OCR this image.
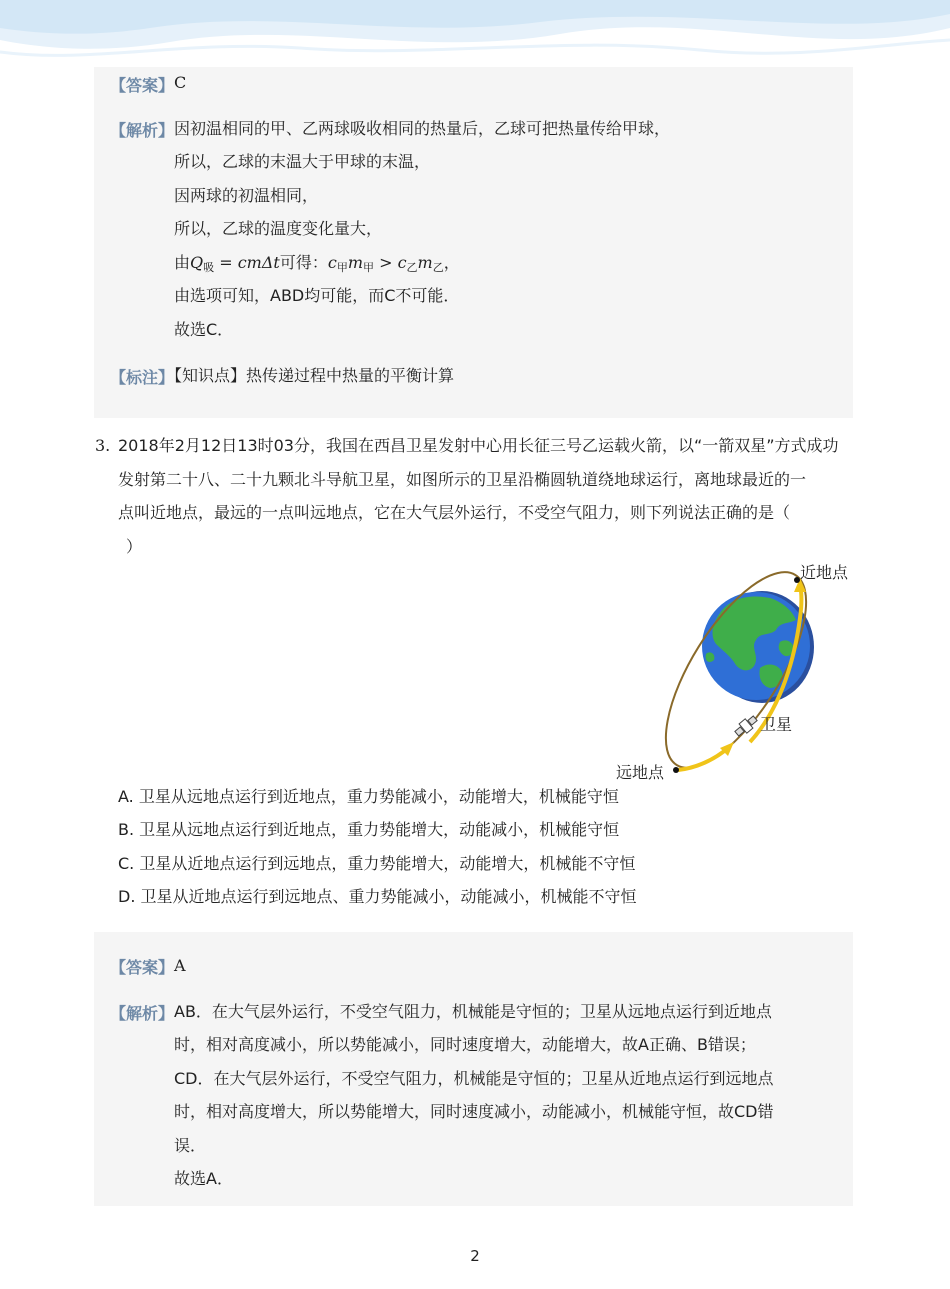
【答案】 C
【解析】 因初温相同的甲、乙两球吸收相同的热量后，乙球可把热量传给甲球，
所以，乙球的末温大于甲球的末温，
因两球的初温相同，
所以，乙球的温度变化量大，
由$Q_吸 = cm\Delta t$可得：$c_甲m_甲 > c_乙m_乙$，
由选项可知，ABD均可能，而C不可能．
故选C．
【标注】
【知识点】热传递过程中热量的平衡计算
3. 2018年2月12日13时03分，我国在西昌卫星发射中心用长征三号乙运载火箭，以“一箭双星”方式成功
发射第二十八、二十九颗北斗导航卫星，如图所示的卫星沿椭圆轨道绕地球运行，离地球最近的一
点叫近地点，最远的一点叫远地点，它在大气层外运行，不受空气阻力，则下列说法正确的是（
）
近地点
卫星
远地点
A. 卫星从远地点运行到近地点，重力势能减小，动能增大，机械能守恒
B. 卫星从远地点运行到近地点，重力势能增大，动能减小，机械能守恒
C. 卫星从近地点运行到远地点，重力势能增大，动能增大，机械能不守恒
D. 卫星从近地点运行到远地点、重力势能减小，动能减小，机械能不守恒
【答案】 A
【解析】 AB．在大气层外运行，不受空气阻力，机械能是守恒的；卫星从远地点运行到近地点
时，相对高度减小，所以势能减小，同时速度增大，动能增大，故A正确、B错误；
CD．在大气层外运行，不受空气阻力，机械能是守恒的；卫星从近地点运行到远地点
时，相对高度增大，所以势能增大，同时速度减小，动能减小，机械能守恒，故CD错
误．
故选A．
2
